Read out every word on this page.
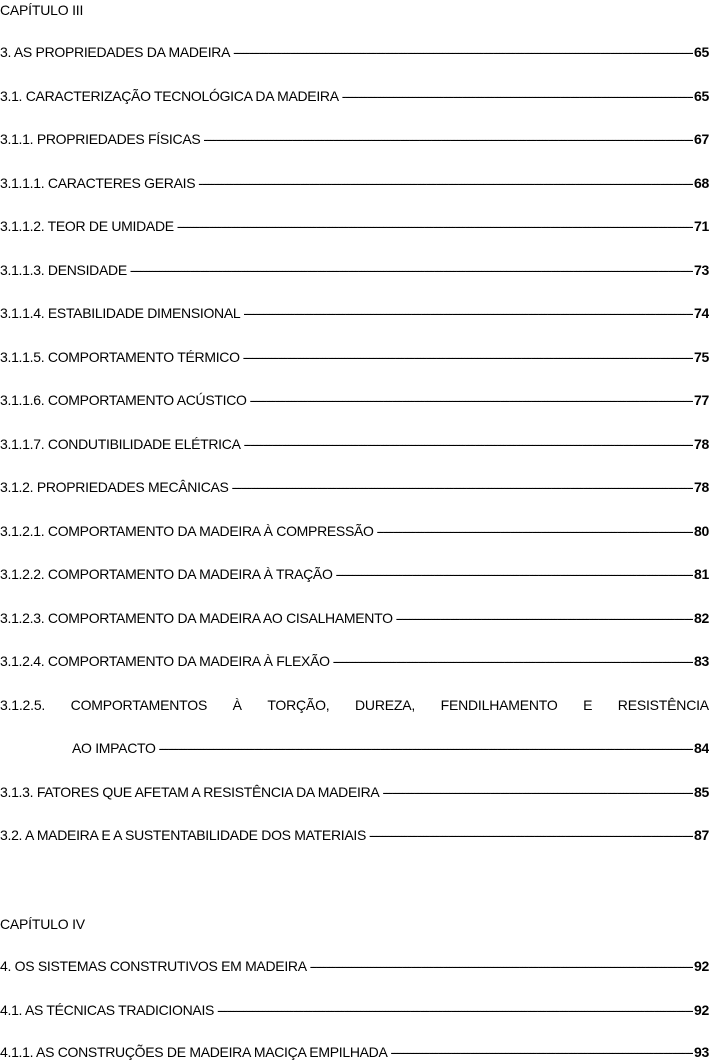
CAPÍTULO III
3. AS PROPRIEDADES DA MADEIRA -----	65
3.1. CARACTERIZAÇÃO TECNOLÓGICA DA MADEIRA -----	65
3.1.1. PROPRIEDADES FÍSICAS -----	67
3.1.1.1. CARACTERES GERAIS -----	68
3.1.1.2. TEOR DE UMIDADE -----	71
3.1.1.3. DENSIDADE -----	73
3.1.1.4. ESTABILIDADE DIMENSIONAL -----	74
3.1.1.5. COMPORTAMENTO TÉRMICO -----	75
3.1.1.6. COMPORTAMENTO ACÚSTICO -----	77
3.1.1.7. CONDUTIBILIDADE ELÉTRICA -----	78
3.1.2. PROPRIEDADES MECÂNICAS -----	78
3.1.2.1. COMPORTAMENTO DA MADEIRA À COMPRESSÃO -----	80
3.1.2.2. COMPORTAMENTO DA MADEIRA À TRAÇÃO -----	81
3.1.2.3. COMPORTAMENTO DA MADEIRA AO CISALHAMENTO -----	82
3.1.2.4. COMPORTAMENTO DA MADEIRA À FLEXÃO -----	83
3.1.2.5. COMPORTAMENTOS À TORÇÃO, DUREZA, FENDILHAMENTO E RESISTÊNCIA
AO IMPACTO -----	84
3.1.3. FATORES QUE AFETAM A RESISTÊNCIA DA MADEIRA -----	85
3.2. A MADEIRA E A SUSTENTABILIDADE DOS MATERIAIS -----	87
CAPÍTULO IV
4. OS SISTEMAS CONSTRUTIVOS EM MADEIRA -----	92
4.1. AS TÉCNICAS TRADICIONAIS -----	92
4.1.1. AS CONSTRUÇÕES DE MADEIRA MACIÇA EMPILHADA -----	93
